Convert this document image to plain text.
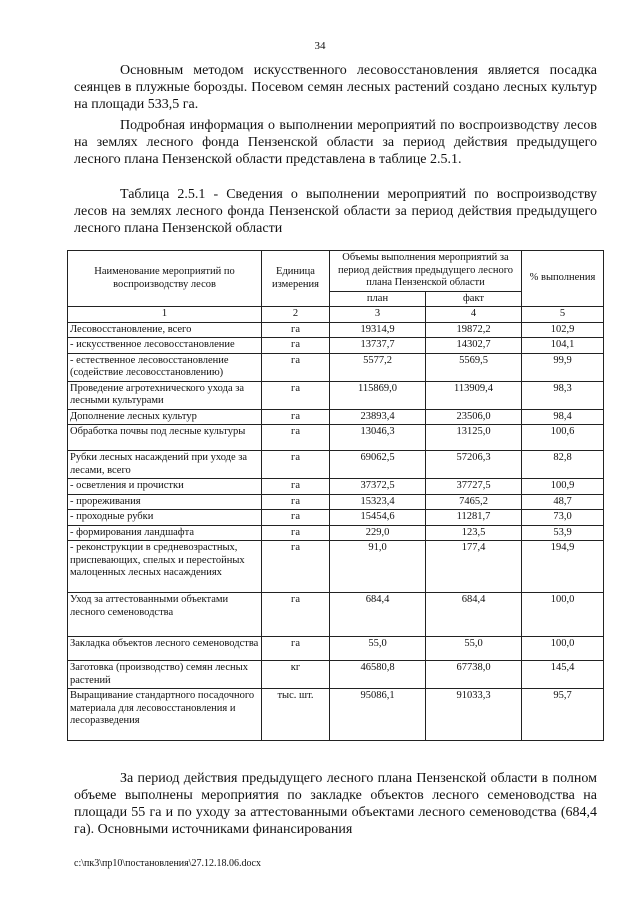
34

Основным методом искусственного лесовосстановления является посадка сеянцев в плужные борозды. Посевом семян лесных растений создано лесных культур на площади 533,5 га.

Подробная информация о выполнении мероприятий по воспроизводству лесов на землях лесного фонда Пензенской области за период действия предыдущего лесного плана Пензенской области представлена в таблице 2.5.1.

Таблица 2.5.1 - Сведения о выполнении мероприятий по воспроизводству лесов на землях лесного фонда Пензенской области за период действия предыдущего лесного плана Пензенской области

Наименование мероприятий по воспроизводству лесов	Единица измерения	Объемы выполнения мероприятий за период действия предыдущего лесного плана Пензенской области		% выполнения
		план	факт	
1	2	3	4	5
Лесовосстановление, всего	га	19314,9	19872,2	102,9
- искусственное лесовосстановление	га	13737,7	14302,7	104,1
- естественное лесовосстановление (содействие лесовосстановлению)	га	5577,2	5569,5	99,9
Проведение агротехнического ухода за лесными культурами	га	115869,0	113909,4	98,3
Дополнение лесных культур	га	23893,4	23506,0	98,4
Обработка почвы под лесные культуры	га	13046,3	13125,0	100,6
Рубки лесных насаждений при уходе за лесами, всего	га	69062,5	57206,3	82,8
- осветления и прочистки	га	37372,5	37727,5	100,9
- прореживания	га	15323,4	7465,2	48,7
- проходные рубки	га	15454,6	11281,7	73,0
- формирования ландшафта	га	229,0	123,5	53,9
- реконструкции в средневозрастных, приспевающих, спелых и перестойных малоценных лесных насаждениях	га	91,0	177,4	194,9
Уход за аттестованными объектами лесного семеноводства	га	684,4	684,4	100,0
Закладка объектов лесного семеноводства	га	55,0	55,0	100,0
Заготовка (производство) семян лесных растений	кг	46580,8	67738,0	145,4
Выращивание стандартного посадочного материала для лесовосстановления и лесоразведения	тыс. шт.	95086,1	91033,3	95,7

За период действия предыдущего лесного плана Пензенской области в полном объеме выполнены мероприятия по закладке объектов лесного семеноводства на площади 55 га и по уходу за аттестованными объектами лесного семеноводства (684,4 га). Основными источниками финансирования

c:\пк3\пр10\постановления\27.12.18.06.docx
